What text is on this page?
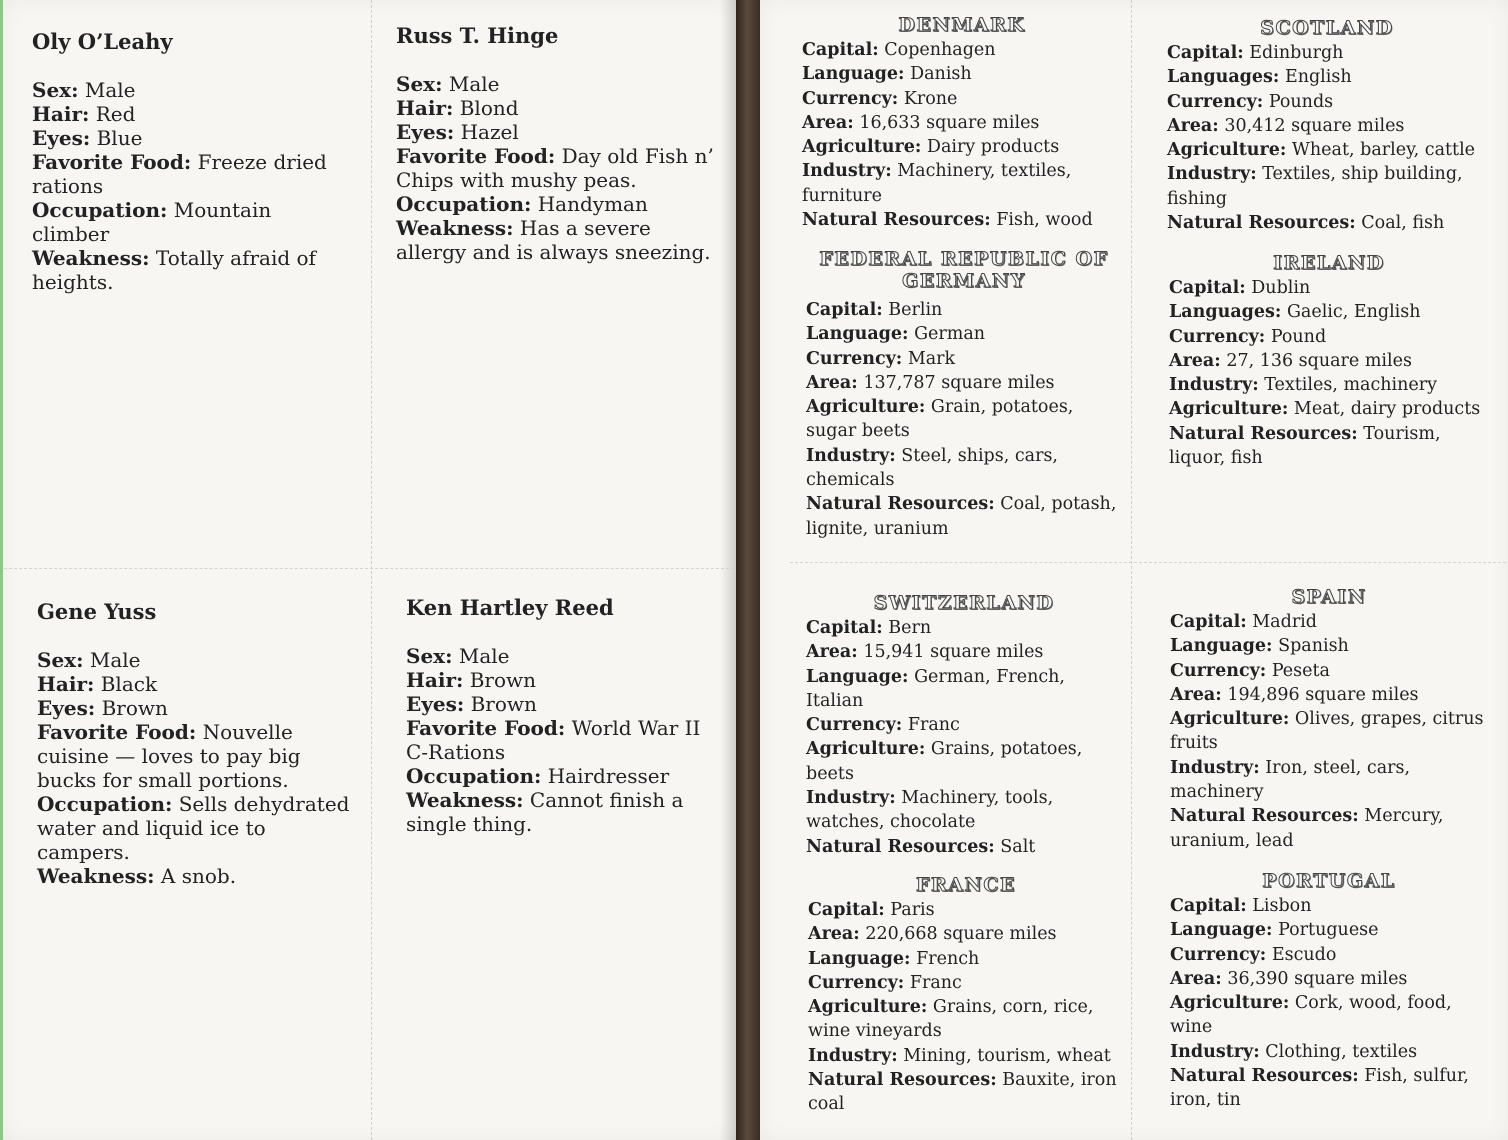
Oly O’Leahy

Sex: Male

Hair: Red

Eyes: Blue

Favorite Food: Freeze dried rations

Occupation: Mountain climber

Weakness: Totally afraid of heights.

Russ T. Hinge

Sex: Male

Hair: Blond

Eyes: Hazel

Favorite Food: Day old Fish n’ Chips with mushy peas.

Occupation: Handyman

Weakness: Has a severe allergy and is always sneezing.

Gene Yuss

Sex: Male

Hair: Black

Eyes: Brown

Favorite Food: Nouvelle cuisine — loves to pay big bucks for small portions.

Occupation: Sells dehydrated water and liquid ice to campers.

Weakness: A snob.

Ken Hartley Reed

Sex: Male

Hair: Brown

Eyes: Brown

Favorite Food: World War II C-Rations

Occupation: Hairdresser

Weakness: Cannot finish a single thing.

DENMARK

Capital: Copenhagen

Language: Danish

Currency: Krone

Area: 16,633 square miles

Agriculture: Dairy products

Industry: Machinery, textiles, furniture

Natural Resources: Fish, wood

FEDERAL REPUBLIC OF GERMANY

Capital: Berlin

Language: German

Currency: Mark

Area: 137,787 square miles

Agriculture: Grain, potatoes, sugar beets

Industry: Steel, ships, cars, chemicals

Natural Resources: Coal, potash, lignite, uranium

SCOTLAND

Capital: Edinburgh

Languages: English

Currency: Pounds

Area: 30,412 square miles

Agriculture: Wheat, barley, cattle

Industry: Textiles, ship building, fishing

Natural Resources: Coal, fish

IRELAND

Capital: Dublin

Languages: Gaelic, English

Currency: Pound

Area: 27, 136 square miles

Industry: Textiles, machinery

Agriculture: Meat, dairy products

Natural Resources: Tourism, liquor, fish

SWITZERLAND

Capital: Bern

Area: 15,941 square miles

Language: German, French, Italian

Currency: Franc

Agriculture: Grains, potatoes, beets

Industry: Machinery, tools, watches, chocolate

Natural Resources: Salt

FRANCE

Capital: Paris

Area: 220,668 square miles

Language: French

Currency: Franc

Agriculture: Grains, corn, rice, wine vineyards

Industry: Mining, tourism, wheat

Natural Resources: Bauxite, iron coal

SPAIN

Capital: Madrid

Language: Spanish

Currency: Peseta

Area: 194,896 square miles

Agriculture: Olives, grapes, citrus fruits

Industry: Iron, steel, cars, machinery

Natural Resources: Mercury, uranium, lead

PORTUGAL

Capital: Lisbon

Language: Portuguese

Currency: Escudo

Area: 36,390 square miles

Agriculture: Cork, wood, food, wine

Industry: Clothing, textiles

Natural Resources: Fish, sulfur, iron, tin
